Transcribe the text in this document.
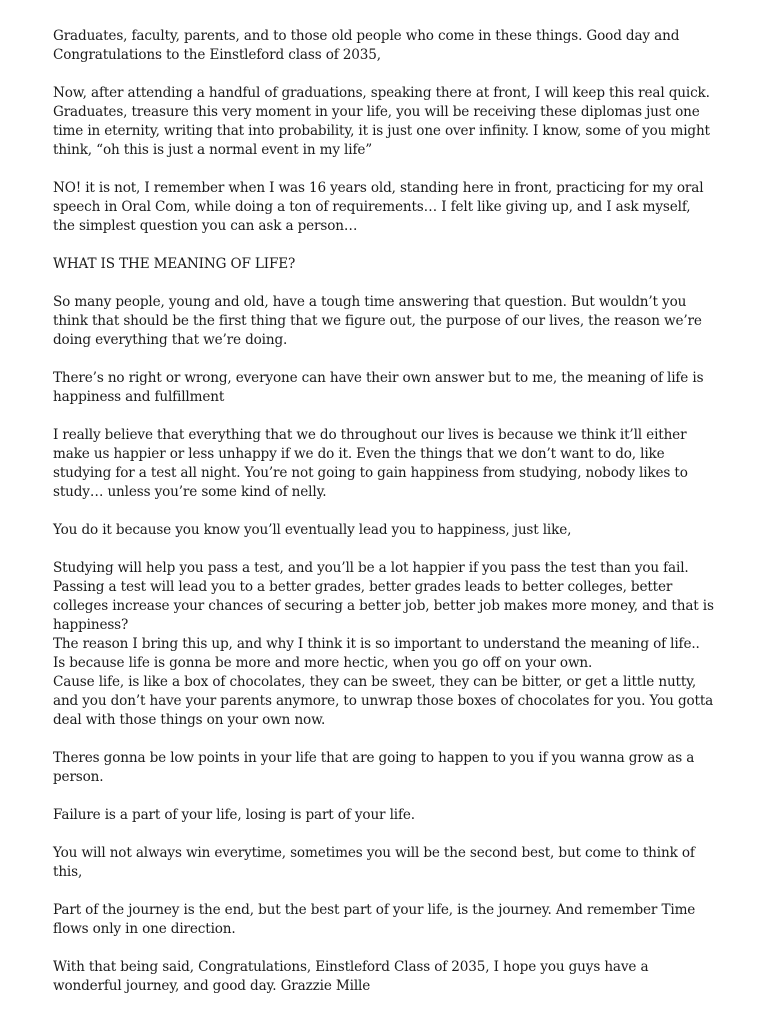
Graduates, faculty, parents, and to those old people who come in these things. Good day and Congratulations to the Einstleford class of 2035,

Now, after attending a handful of graduations, speaking there at front, I will keep this real quick. Graduates, treasure this very moment in your life, you will be receiving these diplomas just one time in eternity, writing that into probability, it is just one over infinity. I know, some of you might think, “oh this is just a normal event in my life”

NO! it is not, I remember when I was 16 years old, standing here in front, practicing for my oral speech in Oral Com, while doing a ton of requirements… I felt like giving up, and I ask myself, the simplest question you can ask a person…

WHAT IS THE MEANING OF LIFE?

So many people, young and old, have a tough time answering that question. But wouldn’t you think that should be the first thing that we figure out, the purpose of our lives, the reason we’re doing everything that we’re doing.

There’s no right or wrong, everyone can have their own answer but to me, the meaning of life is happiness and fulfillment

I really believe that everything that we do throughout our lives is because we think it’ll either make us happier or less unhappy if we do it. Even the things that we don’t want to do, like studying for a test all night. You’re not going to gain happiness from studying, nobody likes to study… unless you’re some kind of nelly.

You do it because you know you’ll eventually lead you to happiness, just like,

Studying will help you pass a test, and you’ll be a lot happier if you pass the test than you fail. Passing a test will lead you to a better grades, better grades leads to better colleges, better colleges increase your chances of securing a better job, better job makes more money, and that is happiness?

The reason I bring this up, and why I think it is so important to understand the meaning of life.. Is because life is gonna be more and more hectic, when you go off on your own.

Cause life, is like a box of chocolates, they can be sweet, they can be bitter, or get a little nutty, and you don’t have your parents anymore, to unwrap those boxes of chocolates for you. You gotta deal with those things on your own now.

Theres gonna be low points in your life that are going to happen to you if you wanna grow as a person.

Failure is a part of your life, losing is part of your life.

You will not always win everytime, sometimes you will be the second best, but come to think of this,

Part of the journey is the end, but the best part of your life, is the journey. And remember Time flows only in one direction.

With that being said, Congratulations, Einstleford Class of 2035, I hope you guys have a wonderful journey, and good day. Grazzie Mille
